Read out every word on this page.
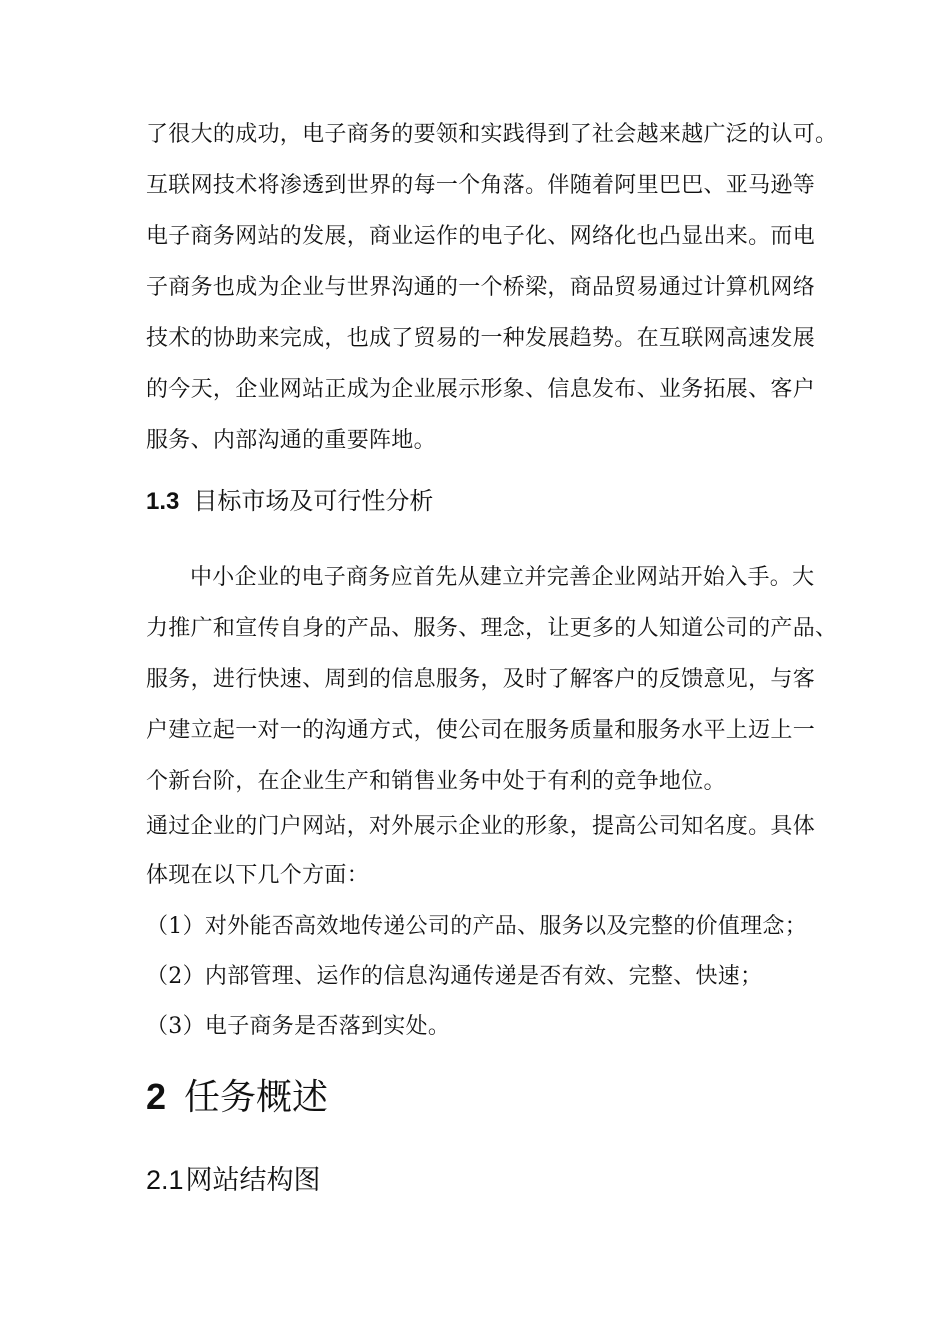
了很大的成功，电子商务的要领和实践得到了社会越来越广泛的认可。

互联网技术将渗透到世界的每一个角落。伴随着阿里巴巴、亚马逊等

电子商务网站的发展，商业运作的电子化、网络化也凸显出来。而电

子商务也成为企业与世界沟通的一个桥梁，商品贸易通过计算机网络

技术的协助来完成，也成了贸易的一种发展趋势。在互联网高速发展

的今天，企业网站正成为企业展示形象、信息发布、业务拓展、客户

服务、内部沟通的重要阵地。

1.3 目标市场及可行性分析

中小企业的电子商务应首先从建立并完善企业网站开始入手。大

力推广和宣传自身的产品、服务、理念，让更多的人知道公司的产品、

服务，进行快速、周到的信息服务，及时了解客户的反馈意见，与客

户建立起一对一的沟通方式，使公司在服务质量和服务水平上迈上一

个新台阶，在企业生产和销售业务中处于有利的竞争地位。

通过企业的门户网站，对外展示企业的形象，提高公司知名度。具体

体现在以下几个方面：

（1）对外能否高效地传递公司的产品、服务以及完整的价值理念；

（2）内部管理、运作的信息沟通传递是否有效、完整、快速；

（3）电子商务是否落到实处。

2 任务概述
2.1网站结构图
